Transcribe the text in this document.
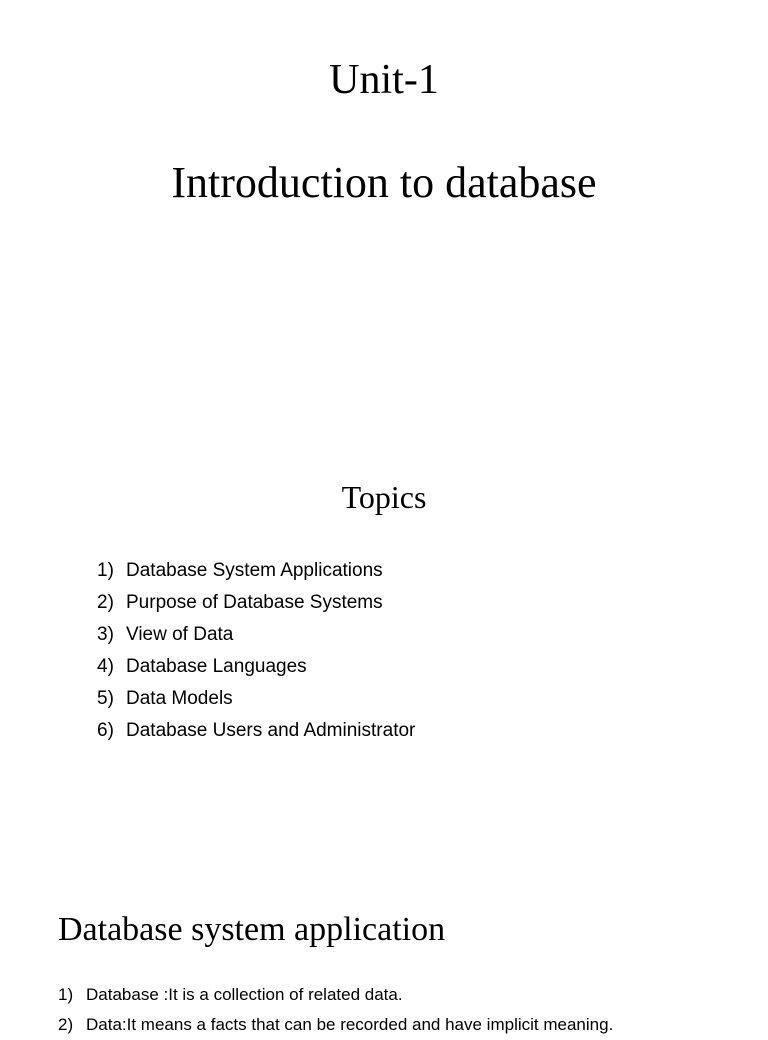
Unit-1
Introduction to database
Topics
1) Database System Applications
2) Purpose of Database Systems
3) View of Data
4) Database Languages
5) Data Models
6) Database Users and Administrator
Database system application
1) Database :It is a collection of related data.
2) Data:It means a facts that can be recorded and have implicit meaning.
